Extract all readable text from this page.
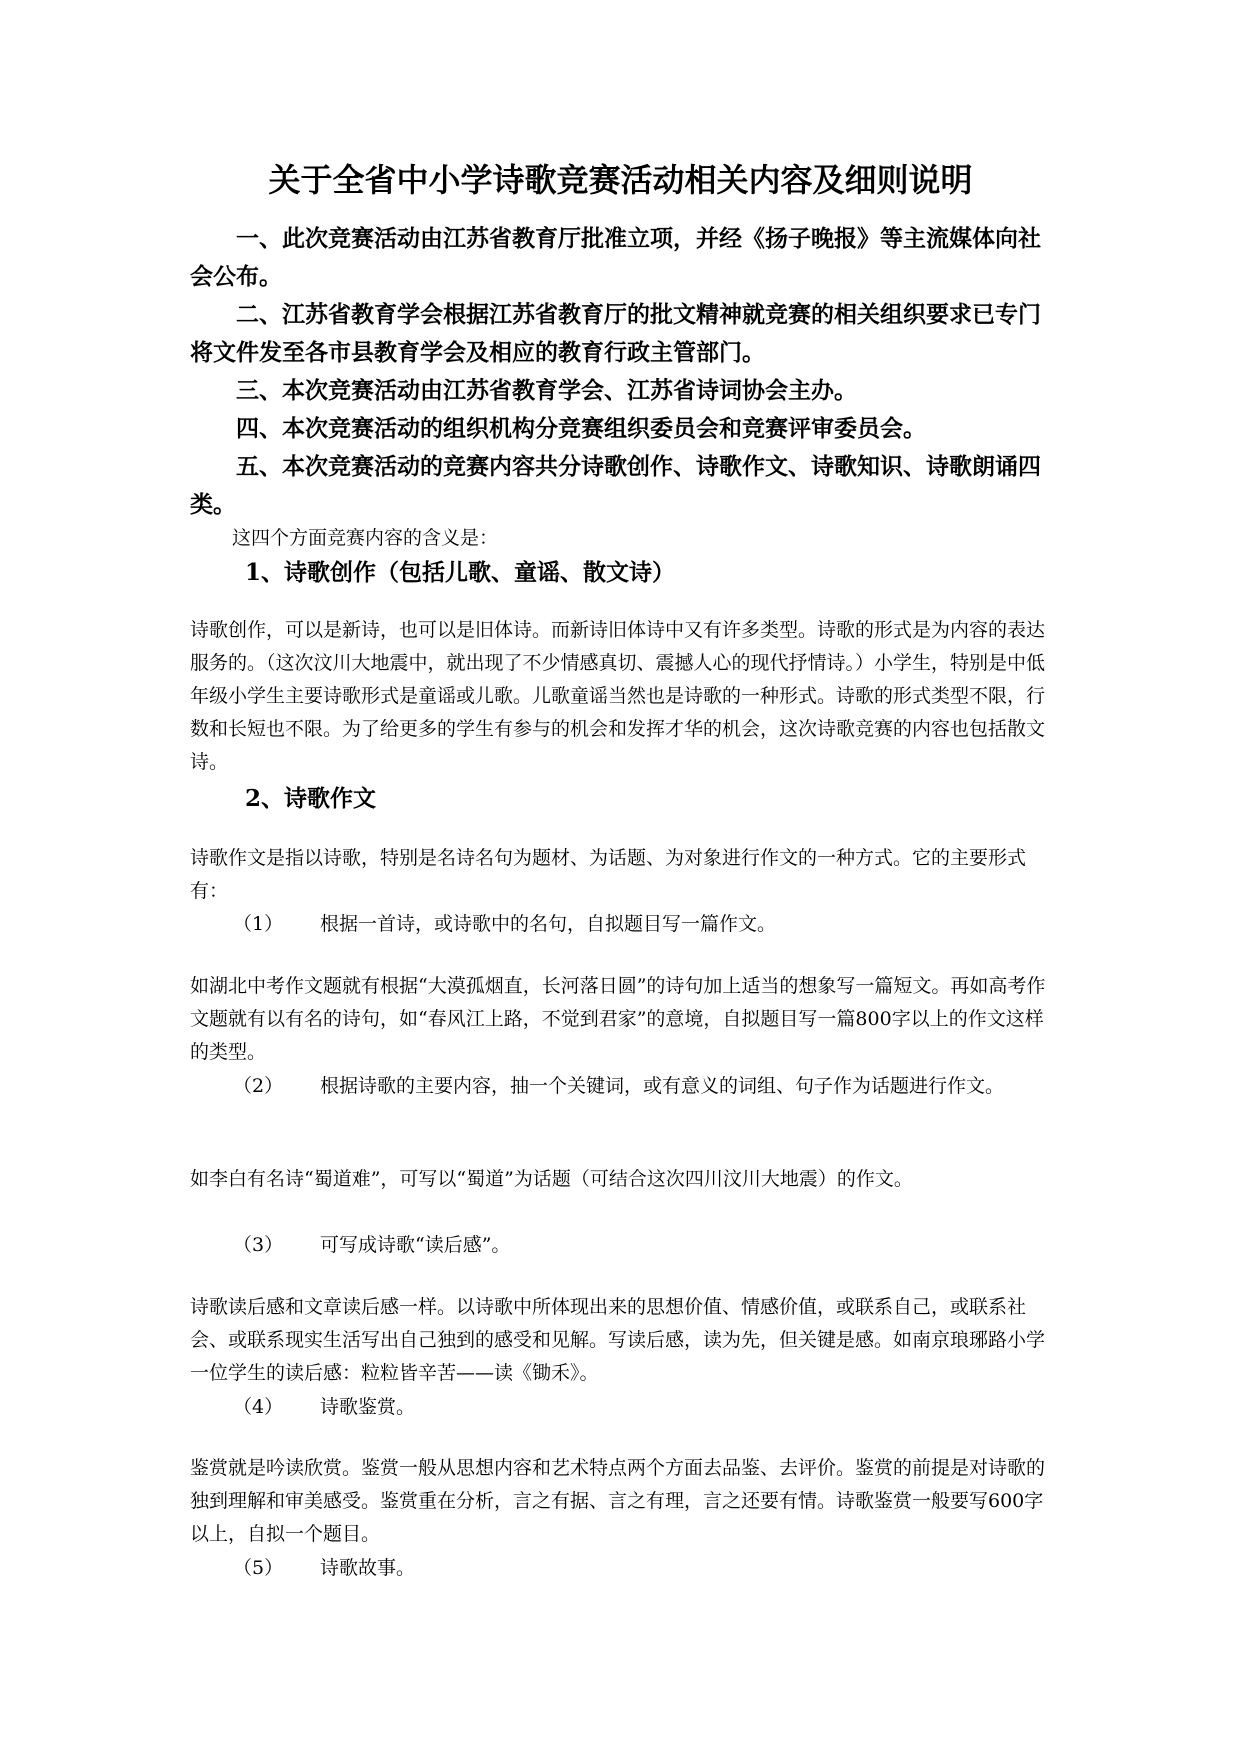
关于全省中小学诗歌竞赛活动相关内容及细则说明

一、此次竞赛活动由江苏省教育厅批准立项，并经《扬子晚报》等主流媒体向社会公布。

二、江苏省教育学会根据江苏省教育厅的批文精神就竞赛的相关组织要求已专门将文件发至各市县教育学会及相应的教育行政主管部门。

三、本次竞赛活动由江苏省教育学会、江苏省诗词协会主办。

四、本次竞赛活动的组织机构分竞赛组织委员会和竞赛评审委员会。

五、本次竞赛活动的竞赛内容共分诗歌创作、诗歌作文、诗歌知识、诗歌朗诵四类。

这四个方面竞赛内容的含义是：

1、诗歌创作（包括儿歌、童谣、散文诗）

诗歌创作，可以是新诗，也可以是旧体诗。而新诗旧体诗中又有许多类型。诗歌的形式是为内容的表达服务的。（这次汶川大地震中，就出现了不少情感真切、震撼人心的现代抒情诗。）小学生，特别是中低年级小学生主要诗歌形式是童谣或儿歌。儿歌童谣当然也是诗歌的一种形式。诗歌的形式类型不限，行数和长短也不限。为了给更多的学生有参与的机会和发挥才华的机会，这次诗歌竞赛的内容也包括散文诗。

2、诗歌作文

诗歌作文是指以诗歌，特别是名诗名句为题材、为话题、为对象进行作文的一种方式。它的主要形式有：

（1） 根据一首诗，或诗歌中的名句，自拟题目写一篇作文。

如湖北中考作文题就有根据“大漠孤烟直，长河落日圆”的诗句加上适当的想象写一篇短文。再如高考作文题就有以有名的诗句，如“春风江上路，不觉到君家”的意境，自拟题目写一篇800字以上的作文这样的类型。

（2） 根据诗歌的主要内容，抽一个关键词，或有意义的词组、句子作为话题进行作文。

如李白有名诗“蜀道难”，可写以“蜀道”为话题（可结合这次四川汶川大地震）的作文。

（3） 可写成诗歌“读后感”。

诗歌读后感和文章读后感一样。以诗歌中所体现出来的思想价值、情感价值，或联系自己，或联系社会、或联系现实生活写出自己独到的感受和见解。写读后感，读为先，但关键是感。如南京琅琊路小学一位学生的读后感：粒粒皆辛苦——读《锄禾》。

（4） 诗歌鉴赏。

鉴赏就是吟读欣赏。鉴赏一般从思想内容和艺术特点两个方面去品鉴、去评价。鉴赏的前提是对诗歌的独到理解和审美感受。鉴赏重在分析，言之有据、言之有理，言之还要有情。诗歌鉴赏一般要写600字以上，自拟一个题目。

（5） 诗歌故事。
